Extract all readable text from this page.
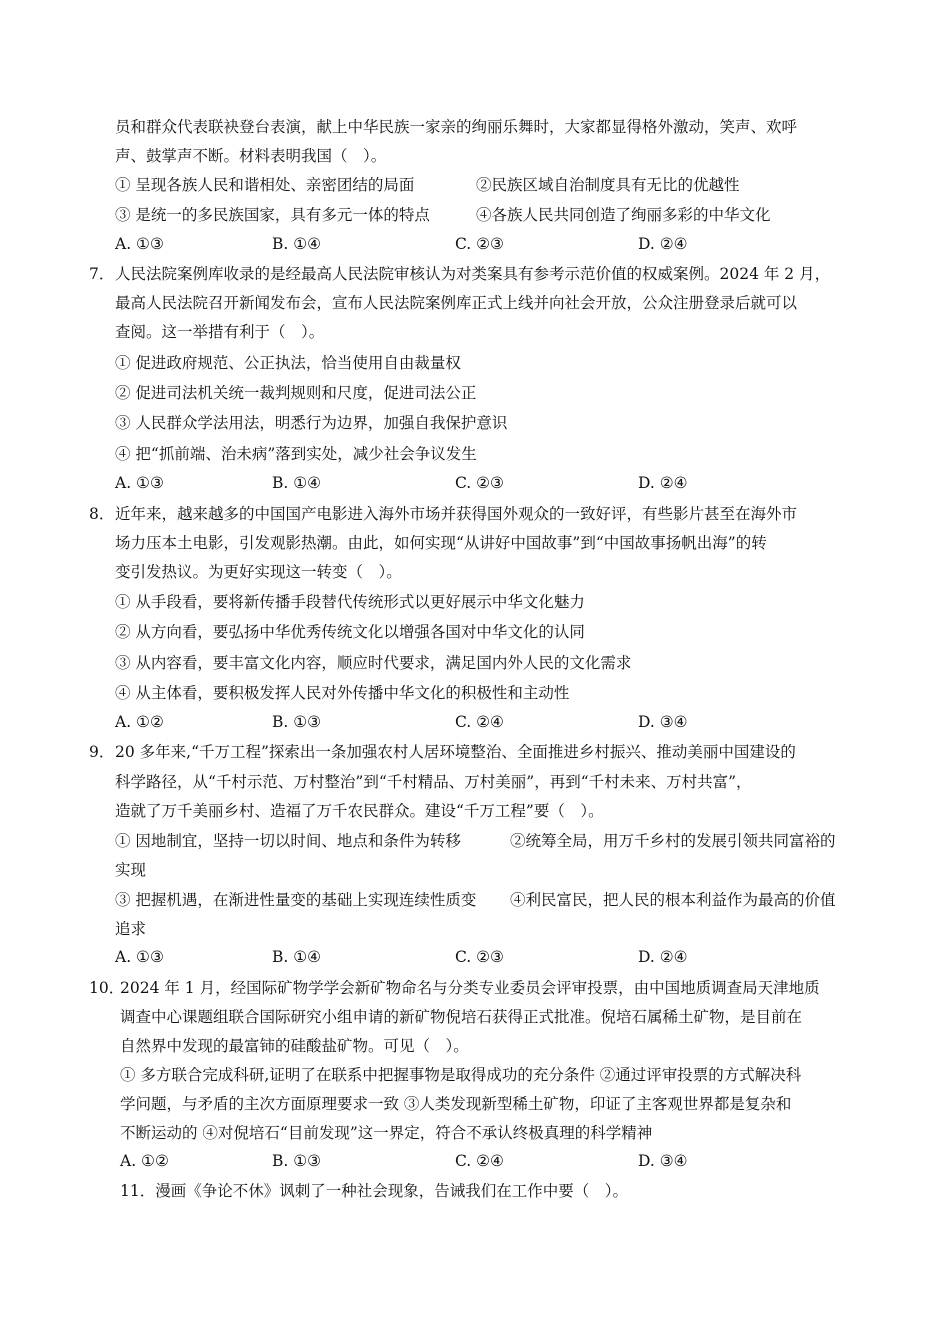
员和群众代表联袂登台表演，献上中华民族一家亲的绚丽乐舞时，大家都显得格外激动，笑声、欢呼
声、鼓掌声不断。材料表明我国（　）。
① 呈现各族人民和谐相处、亲密团结的局面	②民族区域自治制度具有无比的优越性
③ 是统一的多民族国家，具有多元一体的特点	④各族人民共同创造了绚丽多彩的中华文化
A. ①③	B. ①④	C. ②③	D. ②④
7． 人民法院案例库收录的是经最高人民法院审核认为对类案具有参考示范价值的权威案例。2024 年 2 月，
最高人民法院召开新闻发布会，宣布人民法院案例库正式上线并向社会开放，公众注册登录后就可以
查阅。这一举措有利于（　）。
① 促进政府规范、公正执法，恰当使用自由裁量权
② 促进司法机关统一裁判规则和尺度，促进司法公正
③ 人民群众学法用法，明悉行为边界，加强自我保护意识
④ 把“抓前端、治未病”落到实处，减少社会争议发生
A. ①③	B. ①④	C. ②③	D. ②④
8． 近年来，越来越多的中国国产电影进入海外市场并获得国外观众的一致好评，有些影片甚至在海外市
场力压本土电影，引发观影热潮。由此，如何实现“从讲好中国故事”到“中国故事扬帆出海”的转
变引发热议。为更好实现这一转变（　）。
① 从手段看，要将新传播手段替代传统形式以更好展示中华文化魅力
② 从方向看，要弘扬中华优秀传统文化以增强各国对中华文化的认同
③ 从内容看，要丰富文化内容，顺应时代要求，满足国内外人民的文化需求
④ 从主体看，要积极发挥人民对外传播中华文化的积极性和主动性
A. ①②	B. ①③	C. ②④	D. ③④
9． 20 多年来,“千万工程”探索出一条加强农村人居环境整治、全面推进乡村振兴、推动美丽中国建设的
科学路径，从“千村示范、万村整治”到“千村精品、万村美丽”，再到“千村未来、万村共富”，
造就了万千美丽乡村、造福了万千农民群众。建设“千万工程”要（　）。
① 因地制宜，坚持一切以时间、地点和条件为转移	②统筹全局，用万千乡村的发展引领共同富裕的
实现
③ 把握机遇，在渐进性量变的基础上实现连续性质变 ④利民富民，把人民的根本利益作为最高的价值
追求
A. ①③	B. ①④	C. ②③	D. ②④
10．
2024 年 1 月，经国际矿物学学会新矿物命名与分类专业委员会评审投票，由中国地质调查局天津地质
调查中心课题组联合国际研究小组申请的新矿物倪培石获得正式批准。倪培石属稀土矿物，是目前在
自然界中发现的最富铈的硅酸盐矿物。可见（　）。
① 多方联合完成科研,证明了在联系中把握事物是取得成功的充分条件 ②通过评审投票的方式解决科
学问题，与矛盾的主次方面原理要求一致 ③人类发现新型稀土矿物，印证了主客观世界都是复杂和
不断运动的 ④对倪培石“目前发现”这一界定，符合不承认终极真理的科学精神
A. ①②	B. ①③	C. ②④	D. ③④
11．漫画《争论不休》讽刺了一种社会现象，告诫我们在工作中要（　）。
